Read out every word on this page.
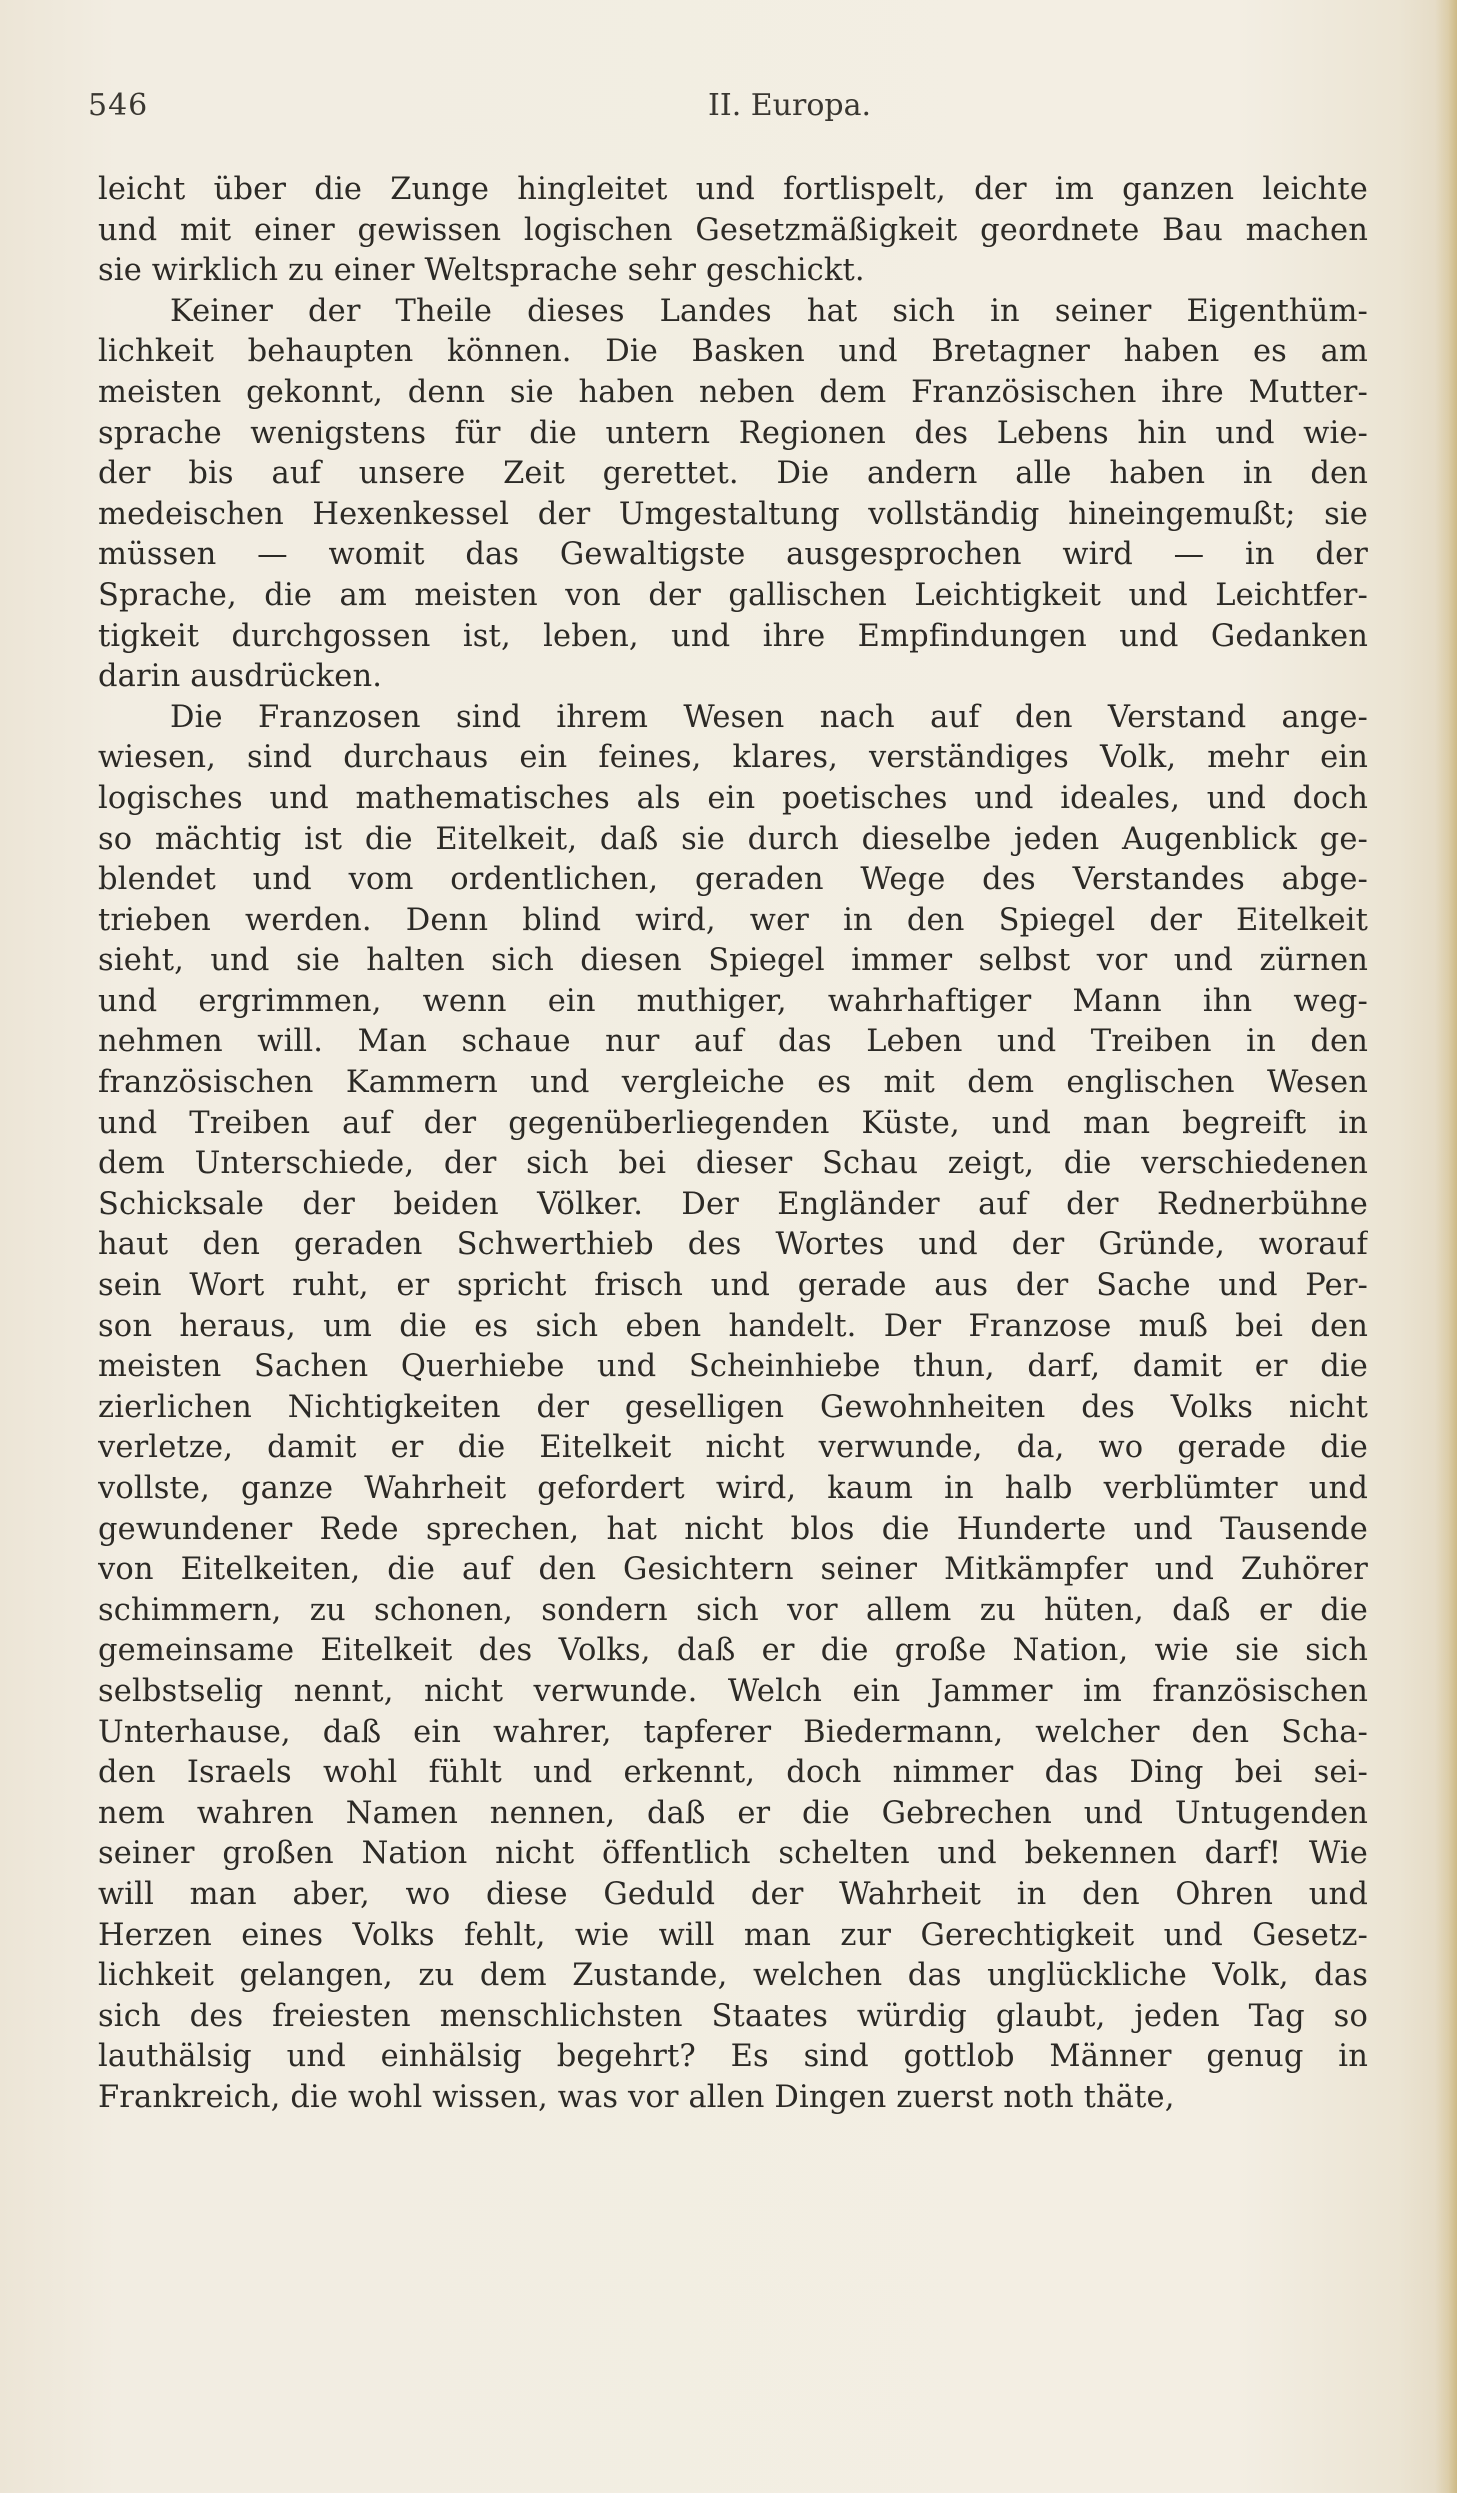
546	II. Europa.
leicht über die Zunge hingleitet und fortlispelt, der im ganzen leichte
und mit einer gewissen logischen Gesetzmäßigkeit geordnete Bau machen
sie wirklich zu einer Weltsprache sehr geschickt.
Keiner der Theile dieses Landes hat sich in seiner Eigenthüm-
lichkeit behaupten können. Die Basken und Bretagner haben es am
meisten gekonnt, denn sie haben neben dem Französischen ihre Mutter-
sprache wenigstens für die untern Regionen des Lebens hin und wie-
der bis auf unsere Zeit gerettet. Die andern alle haben in den
medeischen Hexenkessel der Umgestaltung vollständig hineingemußt; sie
müssen — womit das Gewaltigste ausgesprochen wird — in der
Sprache, die am meisten von der gallischen Leichtigkeit und Leichtfer-
tigkeit durchgossen ist, leben, und ihre Empfindungen und Gedanken
darin ausdrücken.
Die Franzosen sind ihrem Wesen nach auf den Verstand ange-
wiesen, sind durchaus ein feines, klares, verständiges Volk, mehr ein
logisches und mathematisches als ein poetisches und ideales, und doch
so mächtig ist die Eitelkeit, daß sie durch dieselbe jeden Augenblick ge-
blendet und vom ordentlichen, geraden Wege des Verstandes abge-
trieben werden. Denn blind wird, wer in den Spiegel der Eitelkeit
sieht, und sie halten sich diesen Spiegel immer selbst vor und zürnen
und ergrimmen, wenn ein muthiger, wahrhaftiger Mann ihn weg-
nehmen will. Man schaue nur auf das Leben und Treiben in den
französischen Kammern und vergleiche es mit dem englischen Wesen
und Treiben auf der gegenüberliegenden Küste, und man begreift in
dem Unterschiede, der sich bei dieser Schau zeigt, die verschiedenen
Schicksale der beiden Völker. Der Engländer auf der Rednerbühne
haut den geraden Schwerthieb des Wortes und der Gründe, worauf
sein Wort ruht, er spricht frisch und gerade aus der Sache und Per-
son heraus, um die es sich eben handelt. Der Franzose muß bei den
meisten Sachen Querhiebe und Scheinhiebe thun, darf, damit er die
zierlichen Nichtigkeiten der geselligen Gewohnheiten des Volks nicht
verletze, damit er die Eitelkeit nicht verwunde, da, wo gerade die
vollste, ganze Wahrheit gefordert wird, kaum in halb verblümter und
gewundener Rede sprechen, hat nicht blos die Hunderte und Tausende
von Eitelkeiten, die auf den Gesichtern seiner Mitkämpfer und Zuhörer
schimmern, zu schonen, sondern sich vor allem zu hüten, daß er die
gemeinsame Eitelkeit des Volks, daß er die große Nation, wie sie sich
selbstselig nennt, nicht verwunde. Welch ein Jammer im französischen
Unterhause, daß ein wahrer, tapferer Biedermann, welcher den Scha-
den Israels wohl fühlt und erkennt, doch nimmer das Ding bei sei-
nem wahren Namen nennen, daß er die Gebrechen und Untugenden
seiner großen Nation nicht öffentlich schelten und bekennen darf! Wie
will man aber, wo diese Geduld der Wahrheit in den Ohren und
Herzen eines Volks fehlt, wie will man zur Gerechtigkeit und Gesetz-
lichkeit gelangen, zu dem Zustande, welchen das unglückliche Volk, das
sich des freiesten menschlichsten Staates würdig glaubt, jeden Tag so
lauthälsig und einhälsig begehrt? Es sind gottlob Männer genug in
Frankreich, die wohl wissen, was vor allen Dingen zuerst noth thäte,
